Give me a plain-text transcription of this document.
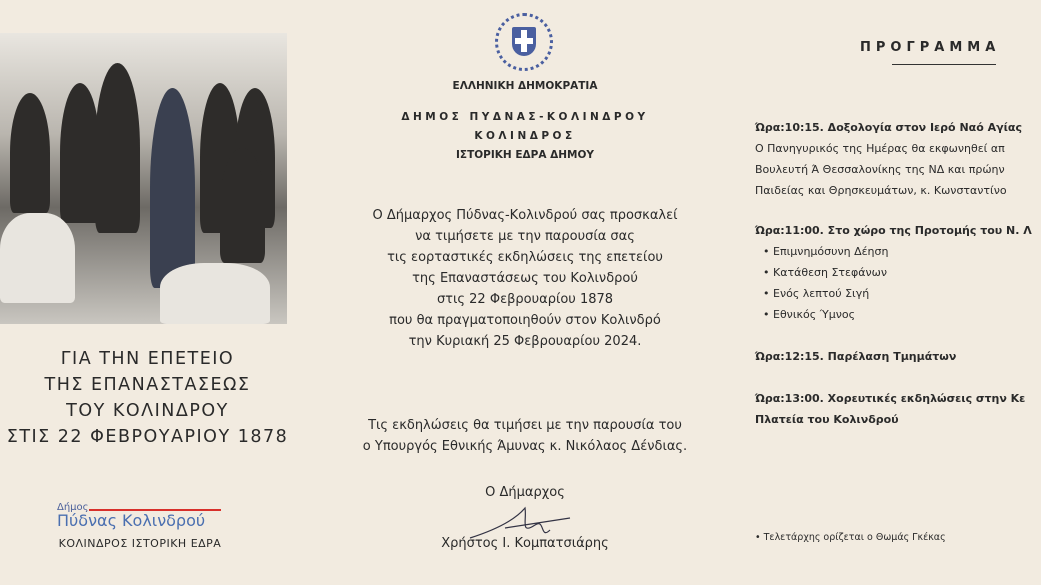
ΓΙΑ ΤΗΝ ΕΠΕΤΕΙΟ
ΤΗΣ ΕΠΑΝΑΣΤΑΣΕΩΣ
ΤΟΥ ΚΟΛΙΝΔΡΟΥ
ΣΤΙΣ 22 ΦΕΒΡΟΥΑΡΙΟΥ 1878
Δήμος
Πύδνας Κολινδρού
ΚΟΛΙΝΔΡΟΣ ΙΣΤΟΡΙΚΗ ΕΔΡΑ
ΕΛΛΗΝΙΚΗ ΔΗΜΟΚΡΑΤΙΑ
ΔΗΜΟΣ ΠΥΔΝΑΣ-ΚΟΛΙΝΔΡΟΥ
ΚΟΛΙΝΔΡΟΣ
ΙΣΤΟΡΙΚΗ ΕΔΡΑ ΔΗΜΟΥ
Ο Δήμαρχος Πύδνας-Κολινδρού σας προσκαλεί
να τιμήσετε με την παρουσία σας
τις εορταστικές εκδηλώσεις της επετείου
της Επαναστάσεως του Κολινδρού
στις 22 Φεβρουαρίου 1878
που θα πραγματοποιηθούν στον Κολινδρό
την Κυριακή 25 Φεβρουαρίου 2024.
Τις εκδηλώσεις θα τιμήσει με την παρουσία του
ο Υπουργός Εθνικής Άμυνας κ. Νικόλαος Δένδιας.
Ο Δήμαρχος
Χρήστος Ι. Κομπατσιάρης
ΠΡΟΓΡΑΜΜΑ
Ώρα:10:15. Δοξολογία στον Ιερό Ναό Αγίας
Ο Πανηγυρικός της Ημέρας θα εκφωνηθεί απ
Βουλευτή Ά Θεσσαλονίκης της ΝΔ και πρώην
Παιδείας και Θρησκευμάτων, κ. Κωνσταντίνο
Ώρα:11:00. Στο χώρο της Προτομής του Ν. Λ
• Επιμνημόσυνη Δέηση
• Κατάθεση Στεφάνων
• Ενός λεπτού Σιγή
• Εθνικός Ύμνος
Ώρα:12:15. Παρέλαση Τμημάτων
Ώρα:13:00. Χορευτικές εκδηλώσεις στην Κε
Πλατεία του Κολινδρού
• Τελετάρχης ορίζεται ο Θωμάς Γκέκας
